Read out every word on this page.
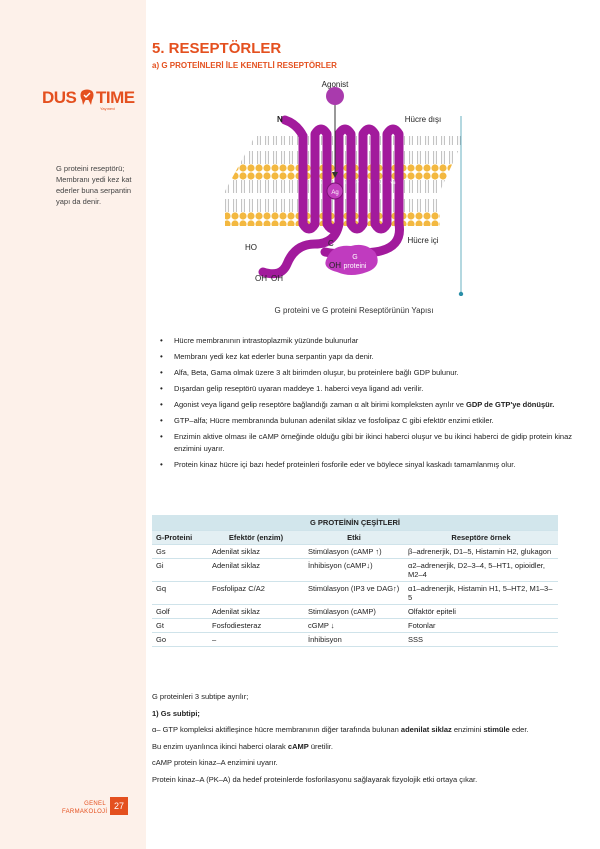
DUS TIME
Yayınevi
G proteini reseptörü; Membranı yedi kez kat ederler buna serpantin yapı da denir.
GENEL
FARMAKOLOJİ
27
5. RESEPTÖRLER
a) G PROTEİNLERİ İLE KENETLİ RESEPTÖRLER
Agonist
Hücre dışı
Hücre içi
N
C
Ag
HO
OH OH
OH
G
proteini
I	II	III IV V VI VII
G proteini ve G proteini Reseptörünün Yapısı
• Hücre membranının intrastoplazmik yüzünde bulunurlar
• Membranı yedi kez kat ederler buna serpantin yapı da denir.
• Alfa, Beta, Gama olmak üzere 3 alt birimden oluşur, bu proteinlere bağlı GDP bulunur.
• Dışardan gelip reseptörü uyaran maddeye 1. haberci veya ligand adı verilir.
• Agonist veya ligand gelip reseptöre bağlandığı zaman α alt birimi kompleksten ayrılır ve GDP de GTP'ye dönüşür.
• GTP–alfa; Hücre membranında bulunan adenilat siklaz ve fosfolipaz C gibi efektör enzimi etkiler.
• Enzimin aktive olması ile cAMP örneğinde olduğu gibi bir ikinci haberci oluşur ve bu ikinci haberci de gidip protein kinaz enzimini uyarır.
• Protein kinaz hücre içi bazı hedef proteinleri fosforile eder ve böylece sinyal kaskadı tamamlanmış olur.
G PROTEİNİN ÇEŞİTLERİ			
G-Proteini	Efektör (enzim)	Etki	Reseptöre örnek
Gs	Adenilat siklaz	Stimülasyon (cAMP ↑)	β–adrenerjik, D1–5, Histamin H2, glukagon
Gi	Adenilat siklaz	İnhibisyon (cAMP↓)	α2–adrenerjik, D2–3–4, 5–HT1, opioidler, M2–4
Gq	Fosfolipaz C/A2	Stimülasyon (IP3 ve DAG↑)	α1–adrenerjik, Histamin H1, 5–HT2, M1–3–5
Golf	Adenilat siklaz	Stimülasyon (cAMP)	Olfaktör epiteli
Gt	Fosfodiesteraz	cGMP ↓	Fotonlar
Go	–	İnhibisyon	SSS

G proteinleri 3 subtipe ayrılır;

1) Gs subtipi;

α– GTP kompleksi aktifleşince hücre membranının diğer tarafında bulunan adenilat siklaz enzimini stimüle eder.

Bu enzim uyarılınca ikinci haberci olarak cAMP üretilir.

cAMP protein kinaz–A enzimini uyarır.

Protein kinaz–A (PK–A) da hedef proteinlerde fosforilasyonu sağlayarak fizyolojik etki ortaya çıkar.
